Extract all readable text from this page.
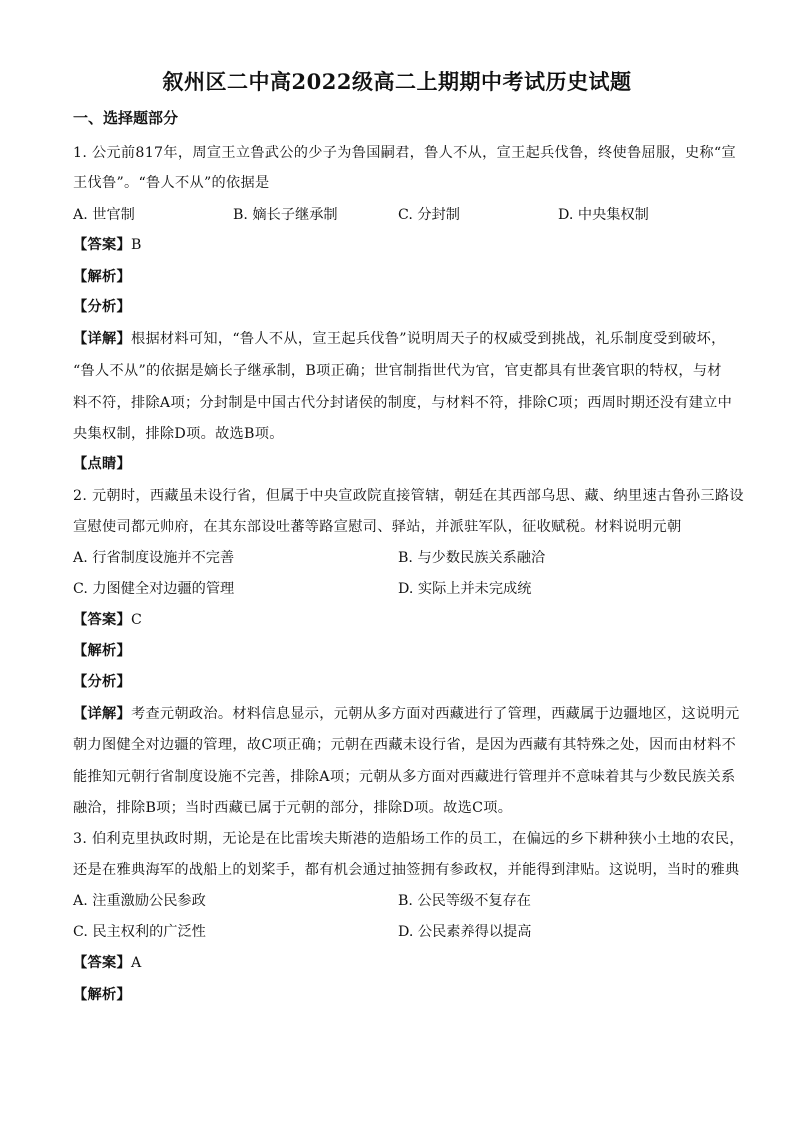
叙州区二中高2022级高二上期期中考试历史试题
一、选择题部分
1. 公元前817年，周宣王立鲁武公的少子为鲁国嗣君，鲁人不从，宣王起兵伐鲁，终使鲁屈服，史称“宣
王伐鲁”。“鲁人不从”的依据是
A. 世官制	B. 嫡长子继承制	C. 分封制	D. 中央集权制
【答案】B
【解析】
【分析】
【详解】根据材料可知，“鲁人不从，宣王起兵伐鲁”说明周天子的权威受到挑战，礼乐制度受到破坏，
“鲁人不从”的依据是嫡长子继承制，B项正确；世官制指世代为官，官吏都具有世袭官职的特权，与材
料不符，排除A项；分封制是中国古代分封诸侯的制度，与材料不符，排除C项；西周时期还没有建立中
央集权制，排除D项。故选B项。
【点睛】
2. 元朝时，西藏虽未设行省，但属于中央宣政院直接管辖，朝廷在其西部乌思、藏、纳里速古鲁孙三路设
宣慰使司都元帅府，在其东部设吐蕃等路宣慰司、驿站，并派驻军队，征收赋税。材料说明元朝
A. 行省制度设施并不完善	B. 与少数民族关系融洽
C. 力图健全对边疆的管理	D. 实际上并未完成统
【答案】C
【解析】
【分析】
【详解】考查元朝政治。材料信息显示，元朝从多方面对西藏进行了管理，西藏属于边疆地区，这说明元
朝力图健全对边疆的管理，故C项正确；元朝在西藏未设行省，是因为西藏有其特殊之处，因而由材料不
能推知元朝行省制度设施不完善，排除A项；元朝从多方面对西藏进行管理并不意味着其与少数民族关系
融洽，排除B项；当时西藏已属于元朝的部分，排除D项。故选C项。
3. 伯利克里执政时期，无论是在比雷埃夫斯港的造船场工作的员工，在偏远的乡下耕种狭小土地的农民，
还是在雅典海军的战船上的划桨手，都有机会通过抽签拥有参政权，并能得到津贴。这说明，当时的雅典
A. 注重激励公民参政	B. 公民等级不复存在
C. 民主权利的广泛性	D. 公民素养得以提高
【答案】A
【解析】
